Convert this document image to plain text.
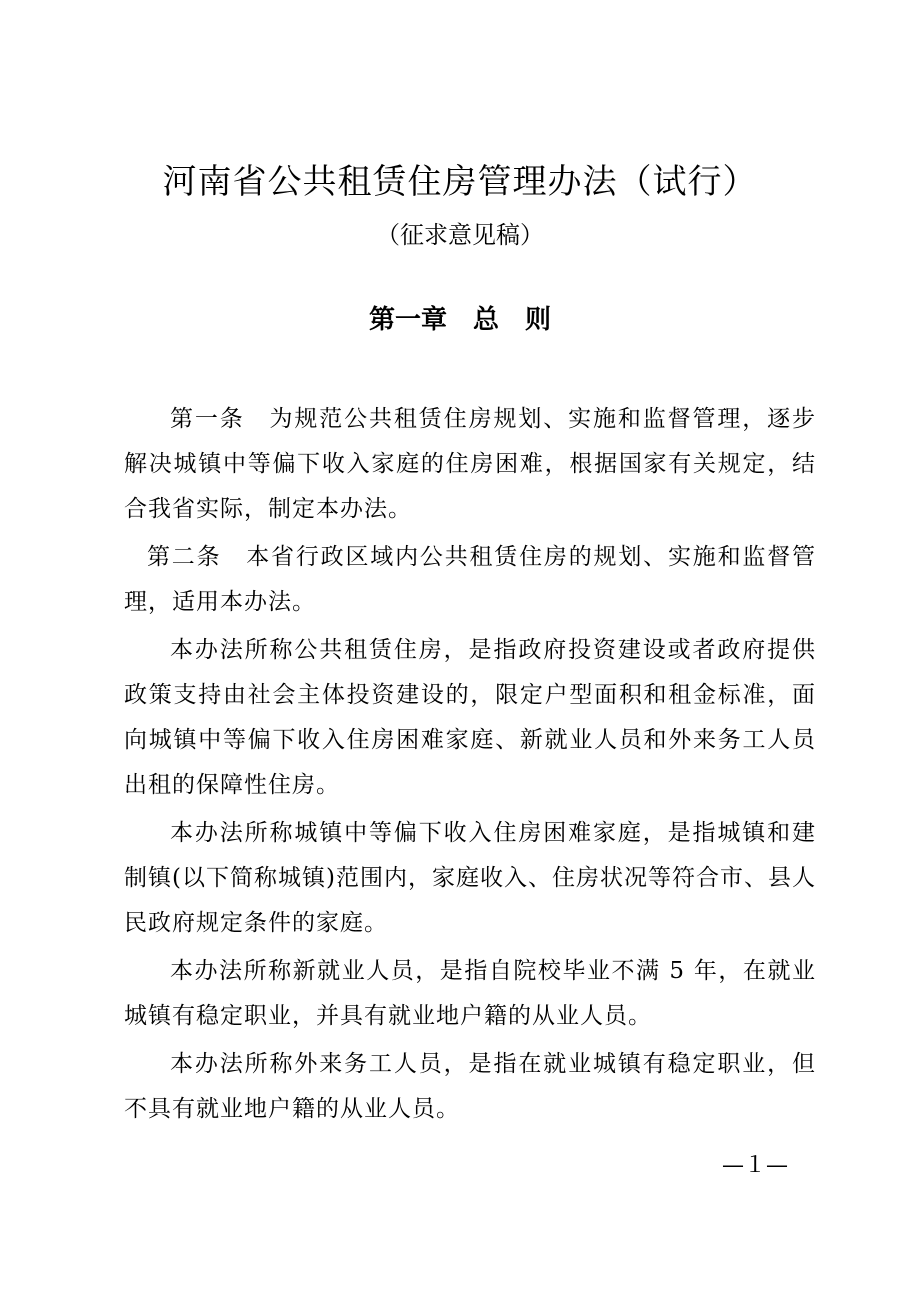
河南省公共租赁住房管理办法（试行）
（征求意见稿）
第一章　总　则

第一条　为规范公共租赁住房规划、实施和监督管理，逐步解决城镇中等偏下收入家庭的住房困难，根据国家有关规定，结合我省实际，制定本办法。

第二条　本省行政区域内公共租赁住房的规划、实施和监督管理，适用本办法。

本办法所称公共租赁住房，是指政府投资建设或者政府提供政策支持由社会主体投资建设的，限定户型面积和租金标准，面向城镇中等偏下收入住房困难家庭、新就业人员和外来务工人员出租的保障性住房。

本办法所称城镇中等偏下收入住房困难家庭，是指城镇和建制镇(以下简称城镇)范围内，家庭收入、住房状况等符合市、县人民政府规定条件的家庭。

本办法所称新就业人员，是指自院校毕业不满 5 年，在就业城镇有稳定职业，并具有就业地户籍的从业人员。

本办法所称外来务工人员，是指在就业城镇有稳定职业，但不具有就业地户籍的从业人员。

—１—
